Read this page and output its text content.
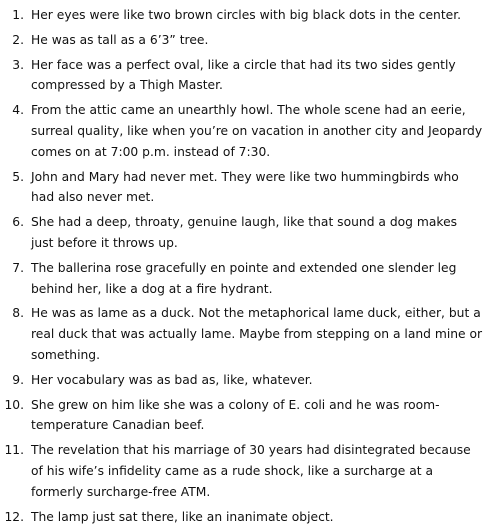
1. Her eyes were like two brown circles with big black dots in the center.
2. He was as tall as a 6’3” tree.
3. Her face was a perfect oval, like a circle that had its two sides gently compressed by a Thigh Master.
4. From the attic came an unearthly howl. The whole scene had an eerie, surreal quality, like when you’re on vacation in another city and Jeopardy comes on at 7:00 p.m. instead of 7:30.
5. John and Mary had never met. They were like two hummingbirds who had also never met.
6. She had a deep, throaty, genuine laugh, like that sound a dog makes just before it throws up.
7. The ballerina rose gracefully en pointe and extended one slender leg behind her, like a dog at a fire hydrant.
8. He was as lame as a duck. Not the metaphorical lame duck, either, but a real duck that was actually lame. Maybe from stepping on a land mine or something.
9. Her vocabulary was as bad as, like, whatever.
10. She grew on him like she was a colony of E. coli and he was room-temperature Canadian beef.
11. The revelation that his marriage of 30 years had disintegrated because of his wife’s infidelity came as a rude shock, like a surcharge at a formerly surcharge-free ATM.
12. The lamp just sat there, like an inanimate object.
